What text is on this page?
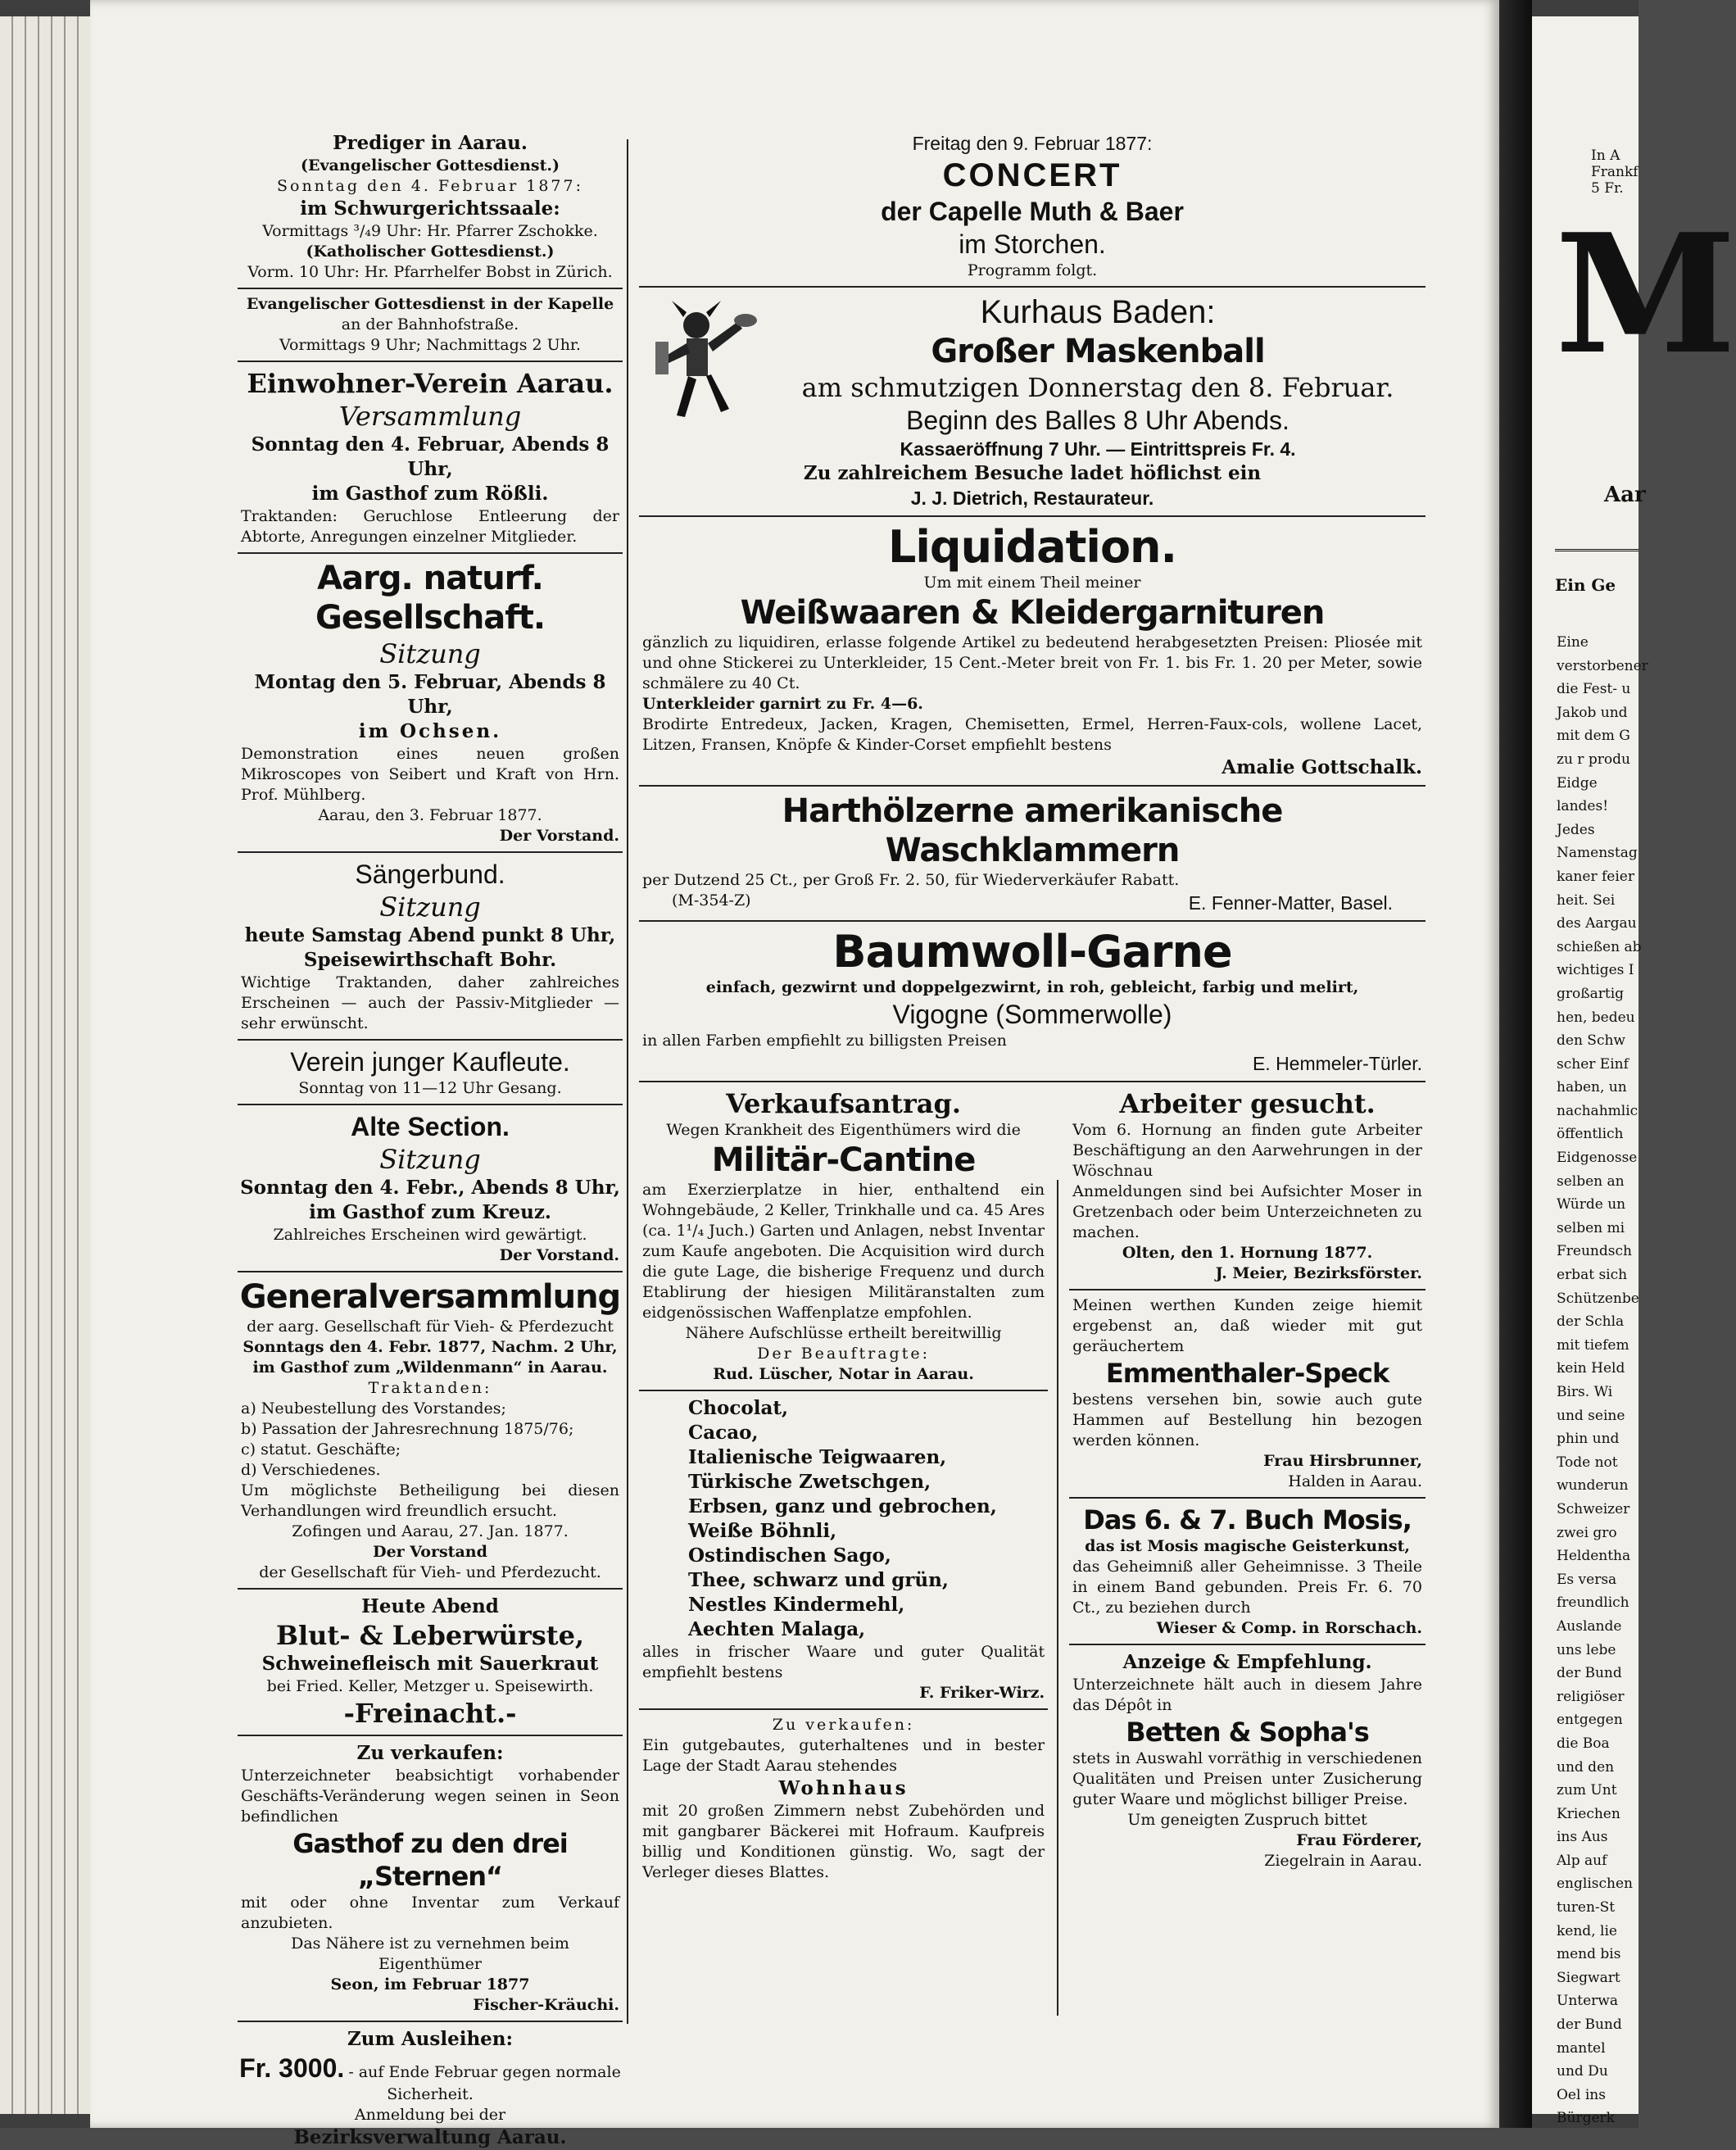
Prediger in Aarau.
(Evangelischer Gottesdienst.)
Sonntag den 4. Februar 1877:
im Schwurgerichtssaale:
Vormittags ³/₄9 Uhr: Hr. Pfarrer Zschokke.
(Katholischer Gottesdienst.)
Vorm. 10 Uhr: Hr. Pfarrhelfer Bobst in Zürich.
Evangelischer Gottesdienst in der Kapelle
an der Bahnhofstraße.
Vormittags 9 Uhr; Nachmittags 2 Uhr.
Einwohner-Verein Aarau.
Versammlung
Sonntag den 4. Februar, Abends 8 Uhr,
im Gasthof zum Rößli.
Traktanden: Geruchlose Entleerung der Abtorte, Anregungen einzelner Mitglieder.
Aarg. naturf. Gesellschaft.
Sitzung
Montag den 5. Februar, Abends 8 Uhr,
im Ochsen.
Demonstration eines neuen großen Mikroscopes von Seibert und Kraft von Hrn. Prof. Mühlberg.
Aarau, den 3. Februar 1877.
Der Vorstand.
Sängerbund.
Sitzung
heute Samstag Abend punkt 8 Uhr,
Speisewirthschaft Bohr.
Wichtige Traktanden, daher zahlreiches Erscheinen — auch der Passiv-Mitglieder — sehr erwünscht.
Verein junger Kaufleute.
Sonntag von 11—12 Uhr Gesang.
Alte Section.
Sitzung
Sonntag den 4. Febr., Abends 8 Uhr,
im Gasthof zum Kreuz.
Zahlreiches Erscheinen wird gewärtigt.
Der Vorstand.
Generalversammlung
der aarg. Gesellschaft für Vieh- & Pferdezucht
Sonntags den 4. Febr. 1877, Nachm. 2 Uhr,
im Gasthof zum „Wildenmann“ in Aarau.
Traktanden:
a) Neubestellung des Vorstandes;
b) Passation der Jahresrechnung 1875/76;
c) statut. Geschäfte;
d) Verschiedenes.
Um möglichste Betheiligung bei diesen Verhandlungen wird freundlich ersucht.
Zofingen und Aarau, 27. Jan. 1877.
Der Vorstand
der Gesellschaft für Vieh- und Pferdezucht.
Heute Abend
Blut- & Leberwürste,
Schweinefleisch mit Sauerkraut
bei Fried. Keller, Metzger u. Speisewirth.
-Freinacht.-
Zu verkaufen:
Unterzeichneter beabsichtigt vorhabender Geschäfts-Veränderung wegen seinen in Seon befindlichen
Gasthof zu den drei „Sternen“
mit oder ohne Inventar zum Verkauf anzubieten.
Das Nähere ist zu vernehmen beim Eigenthümer
Seon, im Februar 1877
Fischer-Kräuchi.
Zum Ausleihen:
Fr. 3000. - auf Ende Februar gegen normale Sicherheit.
Anmeldung bei der
Bezirksverwaltung Aarau.
Freitag den 9. Februar 1877:
CONCERT
der Capelle Muth & Baer
im Storchen.
Programm folgt.
Kurhaus Baden:
Großer Maskenball
am schmutzigen Donnerstag den 8. Februar.
Beginn des Balles 8 Uhr Abends.
Kassaeröffnung 7 Uhr. — Eintrittspreis Fr. 4.
Zu zahlreichem Besuche ladet höflichst ein
J. J. Dietrich, Restaurateur.
Liquidation.
Um mit einem Theil meiner
Weißwaaren & Kleidergarnituren
gänzlich zu liquidiren, erlasse folgende Artikel zu bedeutend herabgesetzten Preisen: Pliosée mit und ohne Stickerei zu Unterkleider, 15 Cent.-Meter breit von Fr. 1. bis Fr. 1. 20 per Meter, sowie schmälere zu 40 Ct.
Unterkleider garnirt zu Fr. 4—6.
Brodirte Entredeux, Jacken, Kragen, Chemisetten, Ermel, Herren-Faux-cols, wollene Lacet, Litzen, Fransen, Knöpfe & Kinder-Corset empfiehlt bestens
Amalie Gottschalk.
Harthölzerne amerikanische Waschklammern
per Dutzend 25 Ct., per Groß Fr. 2. 50, für Wiederverkäufer Rabatt.
(M-354-Z)	E. Fenner-Matter, Basel.
Baumwoll-Garne
einfach, gezwirnt und doppelgezwirnt, in roh, gebleicht, farbig und melirt,
Vigogne (Sommerwolle)
in allen Farben empfiehlt zu billigsten Preisen
E. Hemmeler-Türler.
Verkaufsantrag.
Wegen Krankheit des Eigenthümers wird die
Militär-Cantine
am Exerzierplatze in hier, enthaltend ein Wohngebäude, 2 Keller, Trinkhalle und ca. 45 Ares (ca. 1¹/₄ Juch.) Garten und Anlagen, nebst Inventar zum Kaufe angeboten. Die Acquisition wird durch die gute Lage, die bisherige Frequenz und durch Etablirung der hiesigen Militäranstalten zum eidgenössischen Waffenplatze empfohlen.
Nähere Aufschlüsse ertheilt bereitwillig
Der Beauftragte:
Rud. Lüscher, Notar in Aarau.
Chocolat,
Cacao,
Italienische Teigwaaren,
Türkische Zwetschgen,
Erbsen, ganz und gebrochen,
Weiße Böhnli,
Ostindischen Sago,
Thee, schwarz und grün,
Nestles Kindermehl,
Aechten Malaga,
alles in frischer Waare und guter Qualität empfiehlt bestens
F. Friker-Wirz.
Zu verkaufen:
Ein gutgebautes, guterhaltenes und in bester Lage der Stadt Aarau stehendes
Wohnhaus
mit 20 großen Zimmern nebst Zubehörden und mit gangbarer Bäckerei mit Hofraum. Kaufpreis billig und Konditionen günstig. Wo, sagt der Verleger dieses Blattes.
Arbeiter gesucht.
Vom 6. Hornung an finden gute Arbeiter Beschäftigung an den Aarwehrungen in der Wöschnau
Anmeldungen sind bei Aufsichter Moser in Gretzenbach oder beim Unterzeichneten zu machen.
Olten, den 1. Hornung 1877.
J. Meier, Bezirksförster.
Meinen werthen Kunden zeige hiemit ergebenst an, daß wieder mit gut geräuchertem
Emmenthaler-Speck
bestens versehen bin, sowie auch gute Hammen auf Bestellung hin bezogen werden können.
Frau Hirsbrunner,
Halden in Aarau.
Das 6. & 7. Buch Mosis,
das ist Mosis magische Geisterkunst,
das Geheimniß aller Geheimnisse. 3 Theile in einem Band gebunden. Preis Fr. 6. 70 Ct., zu beziehen durch
Wieser & Comp. in Rorschach.
Anzeige & Empfehlung.
Unterzeichnete hält auch in diesem Jahre das Dépôt in
Betten & Sopha's
stets in Auswahl vorräthig in verschiedenen Qualitäten und Preisen unter Zusicherung guter Waare und möglichst billiger Preise.
Um geneigten Zuspruch bittet
Frau Förderer,
Ziegelrain in Aarau.
In A
Frankf
5 Fr.
M
Aar
Ein Ge
Eine
verstorbener
die Fest- u
Jakob und
mit dem G
zu r produ
Eidge
landes!
Jedes
Namenstag
kaner feier
heit. Sei
des Aargau
schießen ab
wichtiges I
großartig
hen, bedeu
den Schw
scher Einf
haben, un
nachahmlic
öffentlich
Eidgenosse
selben an
Würde un
selben mi
Freundsch
erbat sich
Schützenbe
der Schla
mit tiefem
kein Held
Birs. Wi
und seine
phin und
Tode not
wunderun
Schweizer
zwei gro
Heldentha
Es versa
freundlich
Auslande
uns lebe
der Bund
religiöser
entgegen
die Boa
und den
zum Unt
Kriechen
ins Aus
Alp auf
englischen
turen-St
kend, lie
mend bis
Siegwart
Unterwa
der Bund
mantel
und Du
Oel ins
Bürgerk
